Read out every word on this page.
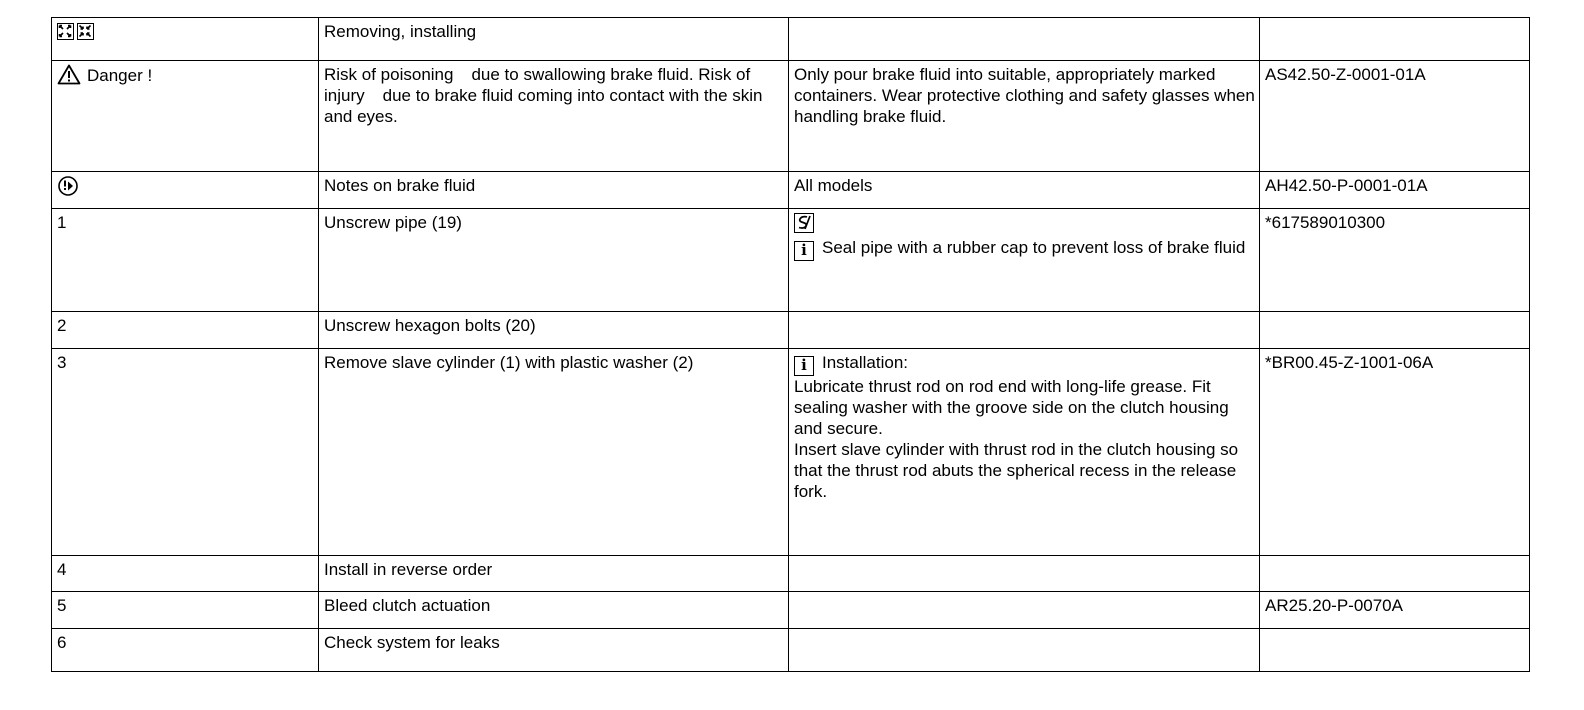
	Removing, installing		
Danger !	Risk of poisoning due to swallowing brake fluid. Risk of injury due to brake fluid coming into contact with the skin and eyes.	Only pour brake fluid into suitable, appropriately marked containers. Wear protective clothing and safety glasses when handling brake fluid.	AS42.50-Z-0001-01A
	Notes on brake fluid	All models	AH42.50-P-0001-01A
1	Unscrew pipe (19)	i Seal pipe with a rubber cap to prevent loss of brake fluid	*617589010300
2	Unscrew hexagon bolts (20)		
3	Remove slave cylinder (1) with plastic washer (2)	i Installation:
Lubricate thrust rod on rod end with long-life grease. Fit sealing washer with the groove side on the clutch housing and secure.
Insert slave cylinder with thrust rod in the clutch housing so that the thrust rod abuts the spherical recess in the release fork.	*BR00.45-Z-1001-06A
4	Install in reverse order		
5	Bleed clutch actuation		AR25.20-P-0070A
6	Check system for leaks		
